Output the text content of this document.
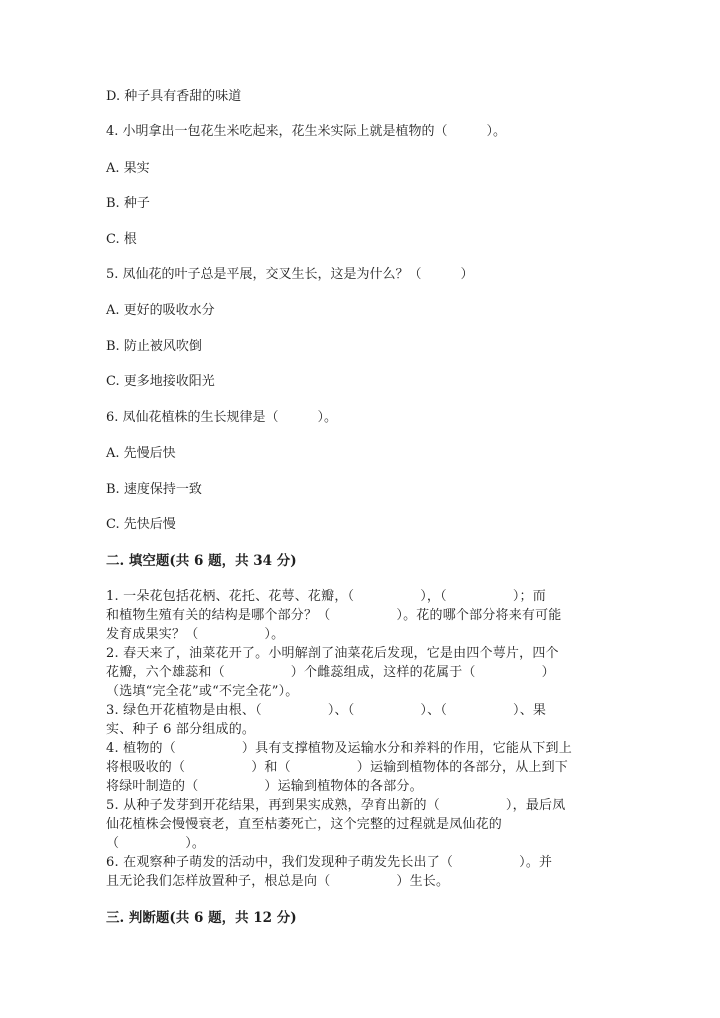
D. 种子具有香甜的味道
4. 小明拿出一包花生米吃起来，花生米实际上就是植物的（　　　）。
A. 果实
B. 种子
C. 根
5. 凤仙花的叶子总是平展，交叉生长，这是为什么？（　　　）
A. 更好的吸收水分
B. 防止被风吹倒
C. 更多地接收阳光
6. 凤仙花植株的生长规律是（　　　）。
A. 先慢后快
B. 速度保持一致
C. 先快后慢
二. 填空题(共 6 题，共 34 分)
1. 一朵花包括花柄、花托、花萼、花瓣，（　　　　　），（　　　　　）；而
和植物生殖有关的结构是哪个部分？（　　　　　）。花的哪个部分将来有可能
发育成果实？（　　　　　）。
2. 春天来了，油菜花开了。小明解剖了油菜花后发现，它是由四个萼片，四个
花瓣，六个雄蕊和（　　　　　）个雌蕊组成，这样的花属于（　　　　　）
（选填“完全花”或“不完全花”）。
3. 绿色开花植物是由根、（　　　　　）、（　　　　　）、（　　　　　）、果
实、种子 6 部分组成的。
4. 植物的（　　　　　）具有支撑植物及运输水分和养料的作用，它能从下到上
将根吸收的（　　　　　）和（　　　　　）运输到植物体的各部分，从上到下
将绿叶制造的（　　　　　）运输到植物体的各部分。
5. 从种子发芽到开花结果，再到果实成熟，孕育出新的（　　　　　），最后凤
仙花植株会慢慢衰老，直至枯萎死亡，这个完整的过程就是凤仙花的
（　　　　　）。
6. 在观察种子萌发的活动中，我们发现种子萌发先长出了（　　　　　）。并
且无论我们怎样放置种子，根总是向（　　　　　）生长。
三. 判断题(共 6 题，共 12 分)
